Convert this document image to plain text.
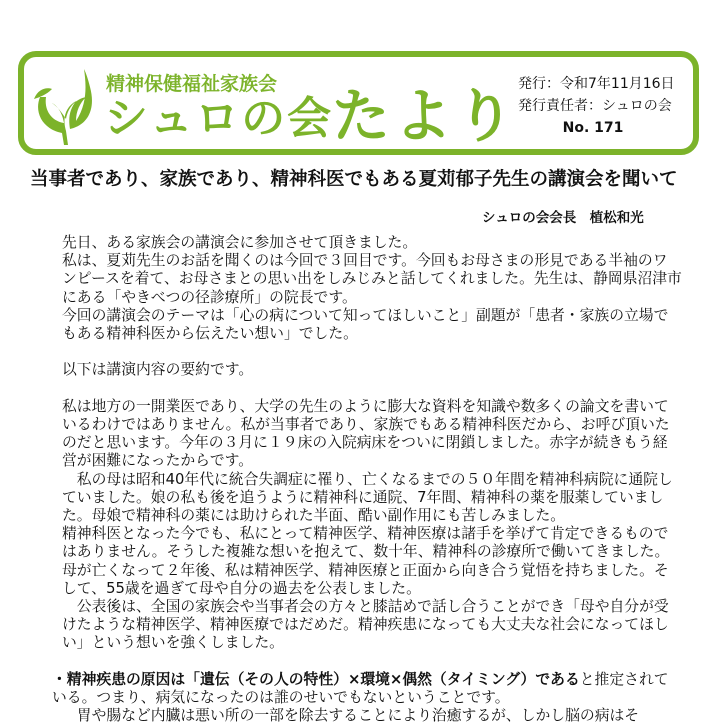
精神保健福祉家族会
シュロの会
たより 発行：令和7年11月16日
発行責任者：シュロの会
No. 171
当事者であり、家族であり、精神科医でもある夏苅郁子先生の講演会を聞いて
シュロの会会長　植松和光

先日、ある家族会の講演会に参加させて頂きました。

私は、夏苅先生のお話を聞くのは今回で３回目です。今回もお母さまの形見である半袖のワンピースを着て、お母さまとの思い出をしみじみと話してくれました。先生は、静岡県沼津市にある「やきべつの径診療所」の院長です。

今回の講演会のテーマは「心の病について知ってほしいこと」副題が「患者・家族の立場でもある精神科医から伝えたい想い」でした。

以下は講演内容の要約です。

私は地方の一開業医であり、大学の先生のように膨大な資料を知識や数多くの論文を書いているわけではありません。私が当事者であり、家族でもある精神科医だから、お呼び頂いたのだと思います。今年の３月に１９床の入院病床をついに閉鎖しました。赤字が続きもう経営が困難になったからです。

　私の母は昭和40年代に統合失調症に罹り、亡くなるまでの５０年間を精神科病院に通院していました。娘の私も後を追うように精神科に通院、7年間、精神科の薬を服薬していました。母娘で精神科の薬には助けられた半面、酷い副作用にも苦しみました。

精神科医となった今でも、私にとって精神医学、精神医療は諸手を挙げて肯定できるものではありません。そうした複雑な想いを抱えて、数十年、精神科の診療所で働いてきました。母が亡くなって２年後、私は精神医学、精神医療と正面から向き合う覚悟を持ちました。そして、55歳を過ぎて母や自分の過去を公表しました。

　公表後は、全国の家族会や当事者会の方々と膝詰めで話し合うことができ「母や自分が受けたような精神医学、精神医療ではだめだ。精神疾患になっても大丈夫な社会になってほしい」という想いを強くしました。

・精神疾患の原因は「遺伝（その人の特性）×環境×偶然（タイミング）であると推定されている。つまり、病気になったのは誰のせいでもないということです。

　胃や腸など内臓は悪い所の一部を除去することにより治癒するが、しかし脳の病はそ
